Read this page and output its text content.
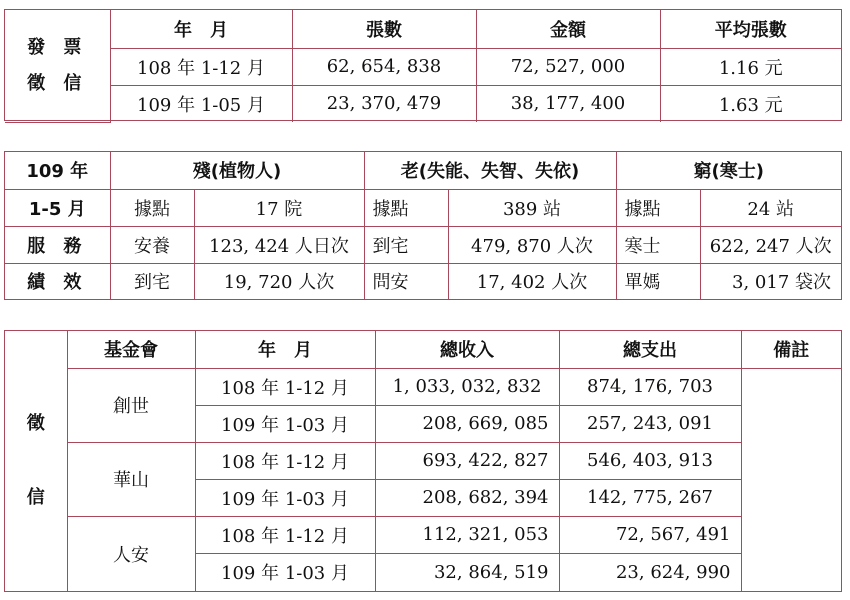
發 票
徵 信	年　月	張數	金額	平均張數
	108 年 1-12 月	62, 654, 838	72, 527, 000	1.16 元
	109 年 1-05 月	23, 370, 479	38, 177, 400	1.63 元
109 年	殘(植物人)		老(失能、失智、失依)		窮(寒士)	
1-5 月	據點	17 院	據點	389 站	據點	24 站
服 務	安養	123, 424 人日次	到宅	479, 870 人次	寒士	622, 247 人次
績 效	到宅	19, 720 人次	問安	17, 402 人次	單媽	3, 017 袋次
徵
信	基金會	年　月	總收入	總支出	備註
	創世	108 年 1-12 月	1, 033, 032, 832	874, 176, 703	
		109 年 1-03 月	208, 669, 085	257, 243, 091	
	華山	108 年 1-12 月	693, 422, 827	546, 403, 913	
		109 年 1-03 月	208, 682, 394	142, 775, 267	
	人安	108 年 1-12 月	112, 321, 053	72, 567, 491	
		109 年 1-03 月	32, 864, 519	23, 624, 990	
